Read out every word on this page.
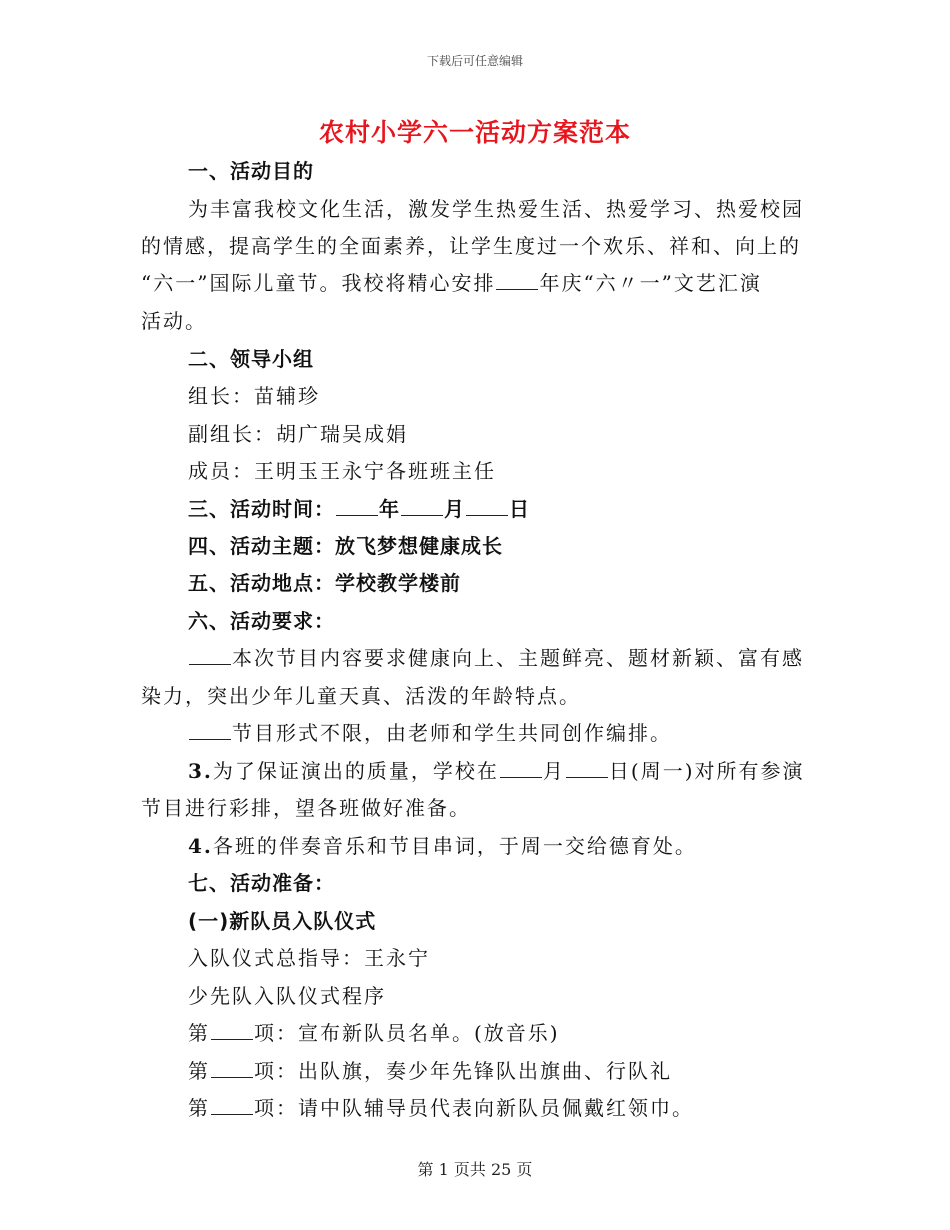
下载后可任意编辑
农村小学六一活动方案范本
一、活动目的
为丰富我校文化生活，激发学生热爱生活、热爱学习、热爱校园
的情感，提高学生的全面素养，让学生度过一个欢乐、祥和、向上的
“六一”国际儿童节。我校将精心安排 年庆“六〃一”文艺汇演
活动。
二、领导小组
组长：苗辅珍
副组长：胡广瑞吴成娟
成员：王明玉王永宁各班班主任
三、活动时间： 年 月 日
四、活动主题：放飞梦想健康成长
五、活动地点：学校教学楼前
六、活动要求：
本次节目内容要求健康向上、主题鲜亮、题材新颖、富有感
染力，突出少年儿童天真、活泼的年龄特点。
节目形式不限，由老师和学生共同创作编排。
3.为了保证演出的质量，学校在 月 日(周一)对所有参演
节目进行彩排，望各班做好准备。
4.各班的伴奏音乐和节目串词，于周一交给德育处。
七、活动准备：
(一)新队员入队仪式
入队仪式总指导：王永宁
少先队入队仪式程序
第 项：宣布新队员名单。(放音乐)
第 项：出队旗，奏少年先锋队出旗曲、行队礼
第 项：请中队辅导员代表向新队员佩戴红领巾。
第 1 页共 25 页
